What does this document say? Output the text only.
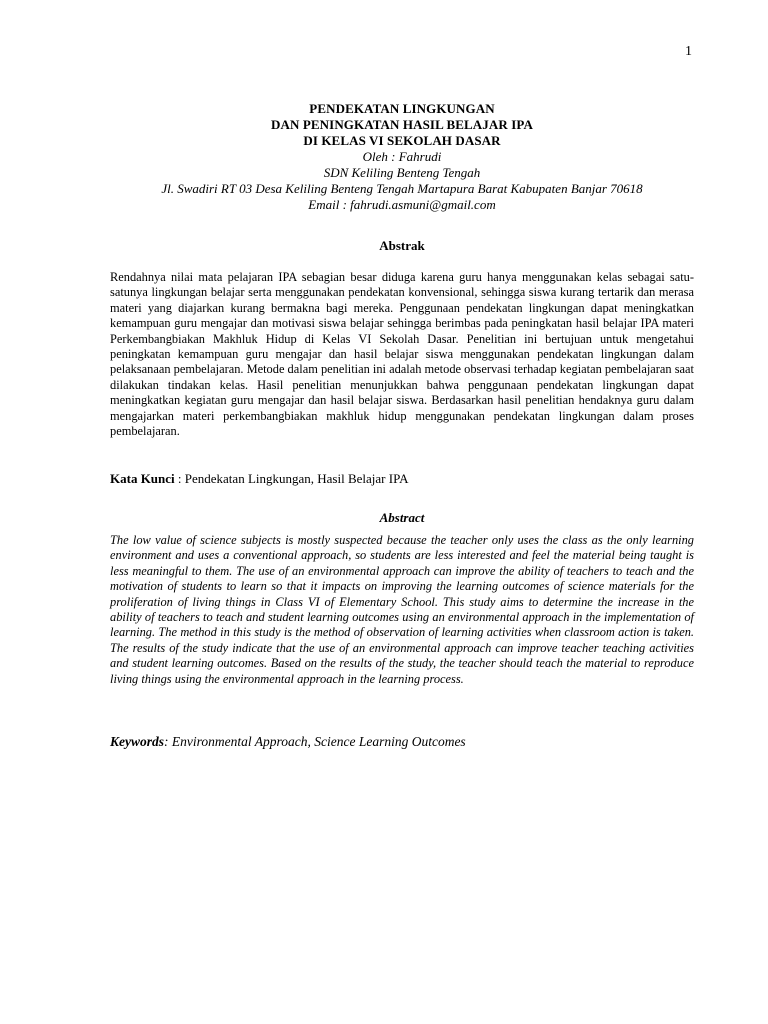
1
PENDEKATAN LINGKUNGAN
DAN PENINGKATAN HASIL BELAJAR IPA
DI KELAS VI SEKOLAH DASAR
Oleh : Fahrudi
SDN Keliling Benteng Tengah
Jl. Swadiri RT 03 Desa Keliling Benteng Tengah Martapura Barat Kabupaten Banjar 70618
Email : fahrudi.asmuni@gmail.com
Abstrak
Rendahnya nilai mata pelajaran IPA sebagian besar diduga karena guru hanya menggunakan kelas sebagai satu-satunya lingkungan belajar serta menggunakan pendekatan konvensional, sehingga siswa kurang tertarik dan merasa materi yang diajarkan kurang bermakna bagi mereka. Penggunaan pendekatan lingkungan dapat meningkatkan kemampuan guru mengajar dan motivasi siswa belajar sehingga berimbas pada peningkatan hasil belajar IPA materi Perkembangbiakan Makhluk Hidup di Kelas VI Sekolah Dasar. Penelitian ini bertujuan untuk mengetahui peningkatan kemampuan guru mengajar dan hasil belajar siswa menggunakan pendekatan lingkungan dalam pelaksanaan pembelajaran. Metode dalam penelitian ini adalah metode observasi terhadap kegiatan pembelajaran saat dilakukan tindakan kelas. Hasil penelitian menunjukkan bahwa penggunaan pendekatan lingkungan dapat meningkatkan kegiatan guru mengajar dan hasil belajar siswa. Berdasarkan hasil penelitian hendaknya guru dalam mengajarkan materi perkembangbiakan makhluk hidup menggunakan pendekatan lingkungan dalam proses pembelajaran.
Kata Kunci : Pendekatan Lingkungan, Hasil Belajar IPA
Abstract
The low value of science subjects is mostly suspected because the teacher only uses the class as the only learning environment and uses a conventional approach, so students are less interested and feel the material being taught is less meaningful to them. The use of an environmental approach can improve the ability of teachers to teach and the motivation of students to learn so that it impacts on improving the learning outcomes of science materials for the proliferation of living things in Class VI of Elementary School. This study aims to determine the increase in the ability of teachers to teach and student learning outcomes using an environmental approach in the implementation of learning. The method in this study is the method of observation of learning activities when classroom action is taken. The results of the study indicate that the use of an environmental approach can improve teacher teaching activities and student learning outcomes. Based on the results of the study, the teacher should teach the material to reproduce living things using the environmental approach in the learning process.
Keywords: Environmental Approach, Science Learning Outcomes
